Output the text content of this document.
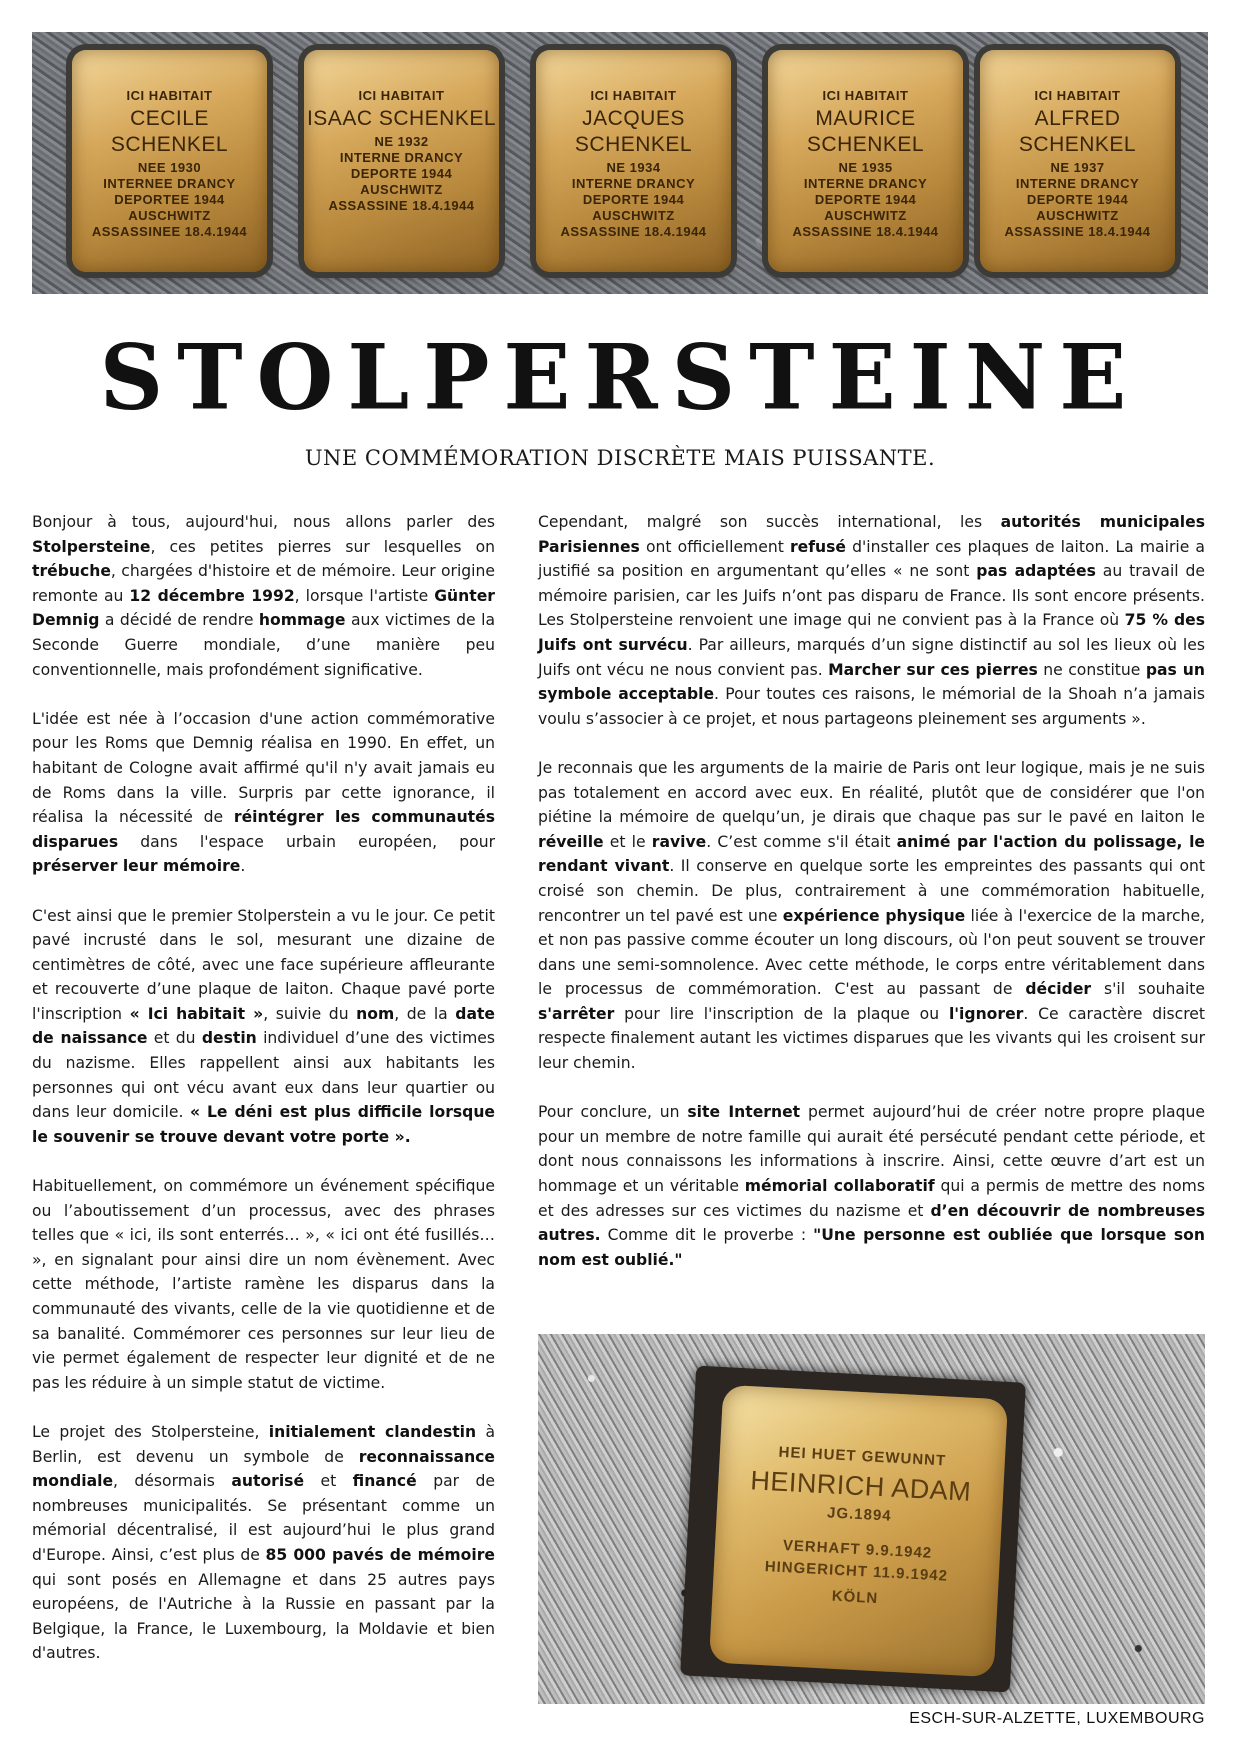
ICI HABITAIT
CECILE SCHENKEL
NEE 1930
INTERNEE DRANCY
DEPORTEE 1944
AUSCHWITZ
ASSASSINEE 18.4.1944
ICI HABITAIT
ISAAC SCHENKEL
NE 1932
INTERNE DRANCY
DEPORTE 1944
AUSCHWITZ
ASSASSINE 18.4.1944
ICI HABITAIT
JACQUES SCHENKEL
NE 1934
INTERNE DRANCY
DEPORTE 1944
AUSCHWITZ
ASSASSINE 18.4.1944
ICI HABITAIT
MAURICE SCHENKEL
NE 1935
INTERNE DRANCY
DEPORTE 1944
AUSCHWITZ
ASSASSINE 18.4.1944
ICI HABITAIT
ALFRED SCHENKEL
NE 1937
INTERNE DRANCY
DEPORTE 1944
AUSCHWITZ
ASSASSINE 18.4.1944
STOLPERSTEINE
UNE COMMÉMORATION DISCRÈTE MAIS PUISSANTE.

Bonjour à tous, aujourd'hui, nous allons parler des Stolpersteine, ces petites pierres sur lesquelles on trébuche, chargées d'histoire et de mémoire. Leur origine remonte au 12 décembre 1992, lorsque l'artiste Günter Demnig a décidé de rendre hommage aux victimes de la Seconde Guerre mondiale, d’une manière peu conventionnelle, mais profondément significative.

L'idée est née à l’occasion d'une action commémorative pour les Roms que Demnig réalisa en 1990. En effet, un habitant de Cologne avait affirmé qu'il n'y avait jamais eu de Roms dans la ville. Surpris par cette ignorance, il réalisa la nécessité de réintégrer les communautés disparues dans l'espace urbain européen, pour préserver leur mémoire.

C'est ainsi que le premier Stolperstein a vu le jour. Ce petit pavé incrusté dans le sol, mesurant une dizaine de centimètres de côté, avec une face supérieure affleurante et recouverte d’une plaque de laiton. Chaque pavé porte l'inscription « Ici habitait », suivie du nom, de la date de naissance et du destin individuel d’une des victimes du nazisme. Elles rappellent ainsi aux habitants les personnes qui ont vécu avant eux dans leur quartier ou dans leur domicile. « Le déni est plus difficile lorsque le souvenir se trouve devant votre porte ».

Habituellement, on commémore un événement spécifique ou l’aboutissement d’un processus, avec des phrases telles que « ici, ils sont enterrés… », « ici ont été fusillés… », en signalant pour ainsi dire un nom évènement. Avec cette méthode, l’artiste ramène les disparus dans la communauté des vivants, celle de la vie quotidienne et de sa banalité. Commémorer ces personnes sur leur lieu de vie permet également de respecter leur dignité et de ne pas les réduire à un simple statut de victime.

Le projet des Stolpersteine, initialement clandestin à Berlin, est devenu un symbole de reconnaissance mondiale, désormais autorisé et financé par de nombreuses municipalités. Se présentant comme un mémorial décentralisé, il est aujourd’hui le plus grand d'Europe. Ainsi, c’est plus de 85 000 pavés de mémoire qui sont posés en Allemagne et dans 25 autres pays européens, de l'Autriche à la Russie en passant par la Belgique, la France, le Luxembourg, la Moldavie et bien d'autres.

Cependant, malgré son succès international, les autorités municipales Parisiennes ont officiellement refusé d'installer ces plaques de laiton. La mairie a justifié sa position en argumentant qu’elles « ne sont pas adaptées au travail de mémoire parisien, car les Juifs n’ont pas disparu de France. Ils sont encore présents. Les Stolpersteine renvoient une image qui ne convient pas à la France où 75 % des Juifs ont survécu. Par ailleurs, marqués d’un signe distinctif au sol les lieux où les Juifs ont vécu ne nous convient pas. Marcher sur ces pierres ne constitue pas un symbole acceptable. Pour toutes ces raisons, le mémorial de la Shoah n’a jamais voulu s’associer à ce projet, et nous partageons pleinement ses arguments ».

Je reconnais que les arguments de la mairie de Paris ont leur logique, mais je ne suis pas totalement en accord avec eux. En réalité, plutôt que de considérer que l'on piétine la mémoire de quelqu’un, je dirais que chaque pas sur le pavé en laiton le réveille et le ravive. C’est comme s'il était animé par l'action du polissage, le rendant vivant. Il conserve en quelque sorte les empreintes des passants qui ont croisé son chemin. De plus, contrairement à une commémoration habituelle, rencontrer un tel pavé est une expérience physique liée à l'exercice de la marche, et non pas passive comme écouter un long discours, où l'on peut souvent se trouver dans une semi-somnolence. Avec cette méthode, le corps entre véritablement dans le processus de commémoration. C'est au passant de décider s'il souhaite s'arrêter pour lire l'inscription de la plaque ou l'ignorer. Ce caractère discret respecte finalement autant les victimes disparues que les vivants qui les croisent sur leur chemin.

Pour conclure, un site Internet permet aujourd’hui de créer notre propre plaque pour un membre de notre famille qui aurait été persécuté pendant cette période, et dont nous connaissons les informations à inscrire. Ainsi, cette œuvre d’art est un hommage et un véritable mémorial collaboratif qui a permis de mettre des noms et des adresses sur ces victimes du nazisme et d’en découvrir de nombreuses autres. Comme dit le proverbe : "Une personne est oubliée que lorsque son nom est oublié."

HEI HUET GEWUNNT
HEINRICH ADAM
JG.1894
VERHAFT 9.9.1942
HINGERICHT 11.9.1942
KÖLN
ESCH-SUR-ALZETTE, LUXEMBOURG
